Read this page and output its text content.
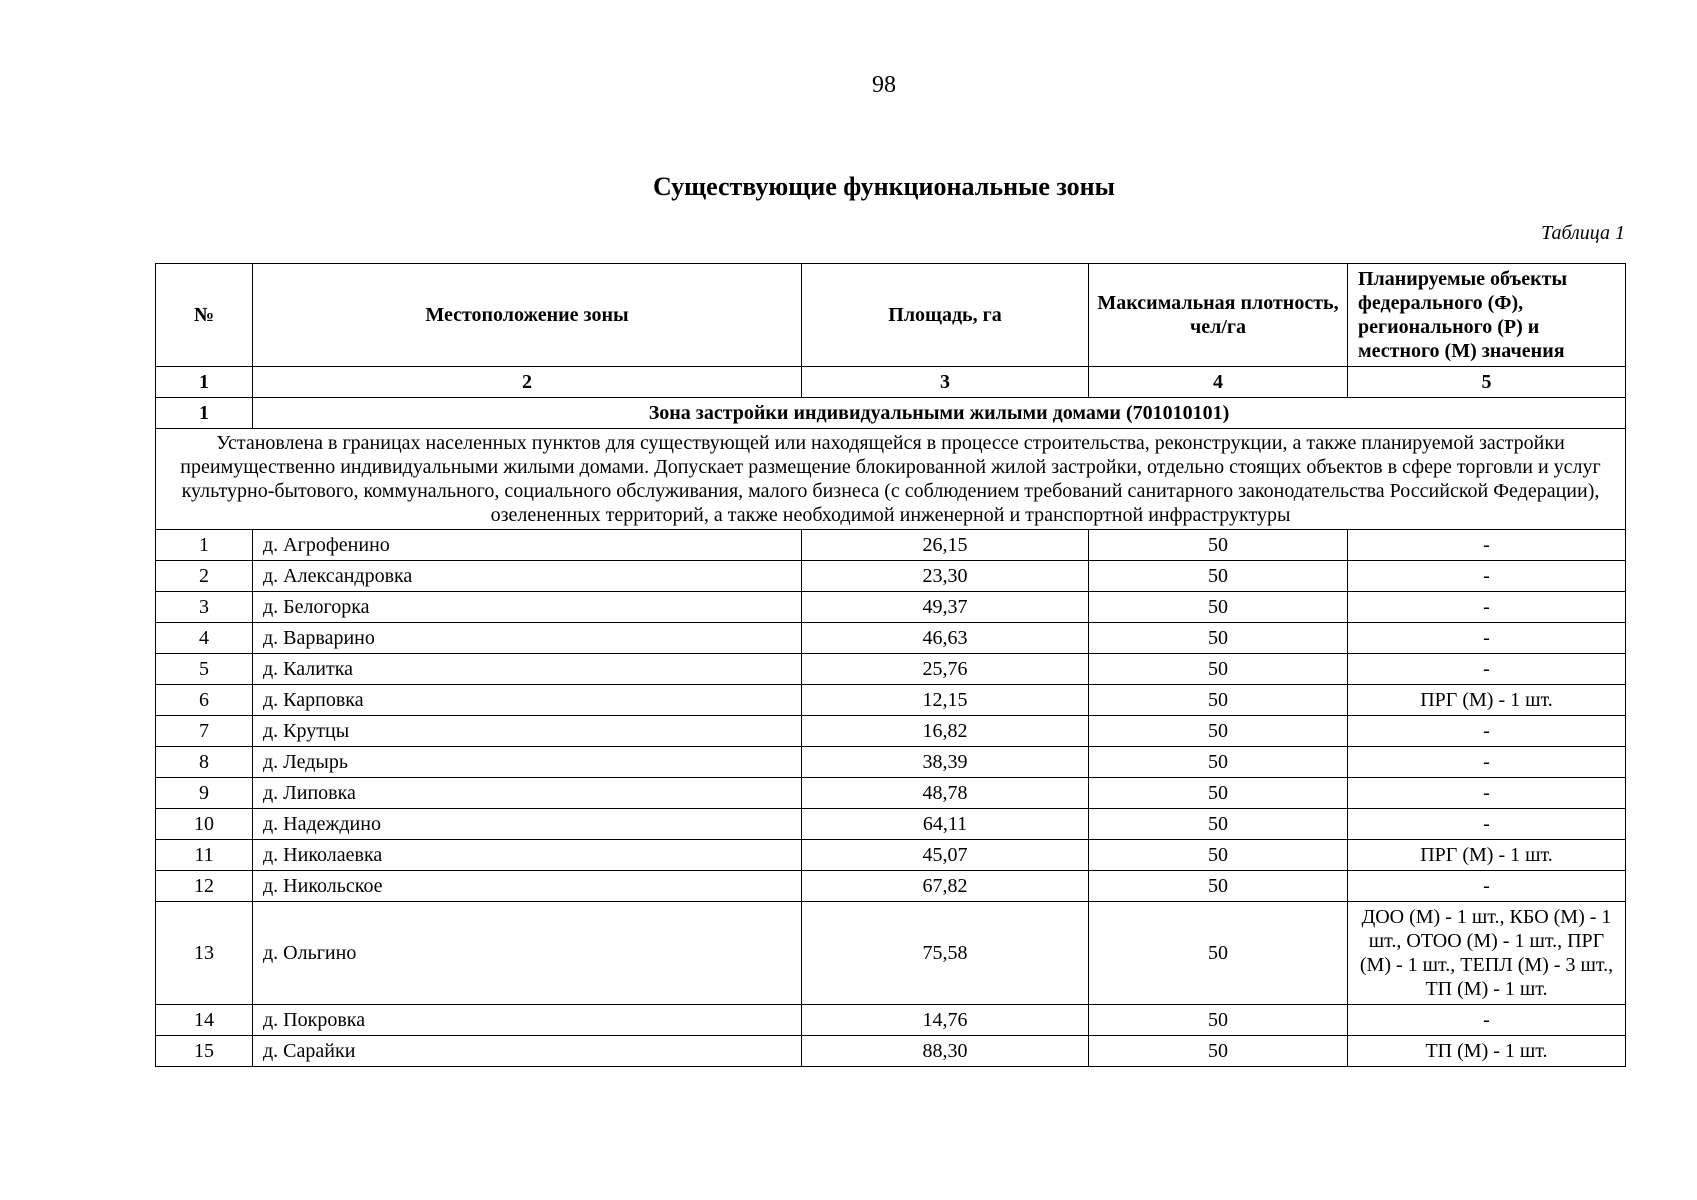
98
Существующие функциональные зоны
Таблица 1
№	Местоположение зоны	Площадь, га	Максимальная плотность, чел/га	Планируемые объекты федерального (Ф), регионального (Р) и местного (М) значения
1	2	3	4	5
1	Зона застройки индивидуальными жилыми домами (701010101)			
Установлена в границах населенных пунктов для существующей или находящейся в процессе строительства, реконструкции, а также планируемой застройки преимущественно индивидуальными жилыми домами. Допускает размещение блокированной жилой застройки, отдельно стоящих объектов в сфере торговли и услуг культурно-бытового, коммунального, социального обслуживания, малого бизнеса (с соблюдением требований санитарного законодательства Российской Федерации), озелененных территорий, а также необходимой инженерной и транспортной инфраструктуры				
1	д. Агрофенино	26,15	50	-
2	д. Александровка	23,30	50	-
3	д. Белогорка	49,37	50	-
4	д. Варварино	46,63	50	-
5	д. Калитка	25,76	50	-
6	д. Карповка	12,15	50	ПРГ (М) - 1 шт.
7	д. Крутцы	16,82	50	-
8	д. Ледырь	38,39	50	-
9	д. Липовка	48,78	50	-
10	д. Надеждино	64,11	50	-
11	д. Николаевка	45,07	50	ПРГ (М) - 1 шт.
12	д. Никольское	67,82	50	-
13	д. Ольгино	75,58	50	ДОО (М) - 1 шт., КБО (М) - 1 шт., ОТОО (М) - 1 шт., ПРГ (М) - 1 шт., ТЕПЛ (М) - 3 шт., ТП (М) - 1 шт.
14	д. Покровка	14,76	50	-
15	д. Сарайки	88,30	50	ТП (М) - 1 шт.
